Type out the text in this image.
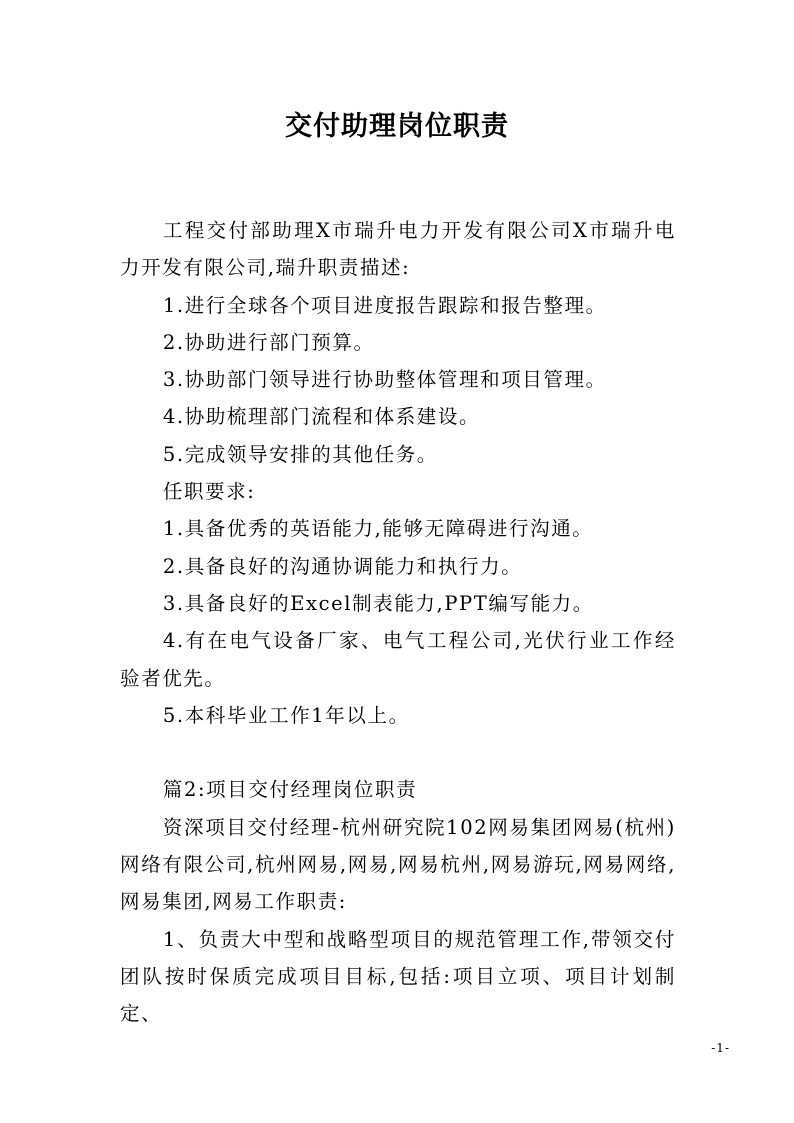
交付助理岗位职责

工程交付部助理X市瑞升电力开发有限公司X市瑞升电力开发有限公司,瑞升职责描述:

1.进行全球各个项目进度报告跟踪和报告整理。

2.协助进行部门预算。

3.协助部门领导进行协助整体管理和项目管理。

4.协助梳理部门流程和体系建设。

5.完成领导安排的其他任务。

任职要求:

1.具备优秀的英语能力,能够无障碍进行沟通。

2.具备良好的沟通协调能力和执行力。

3.具备良好的Excel制表能力,PPT编写能力。

4.有在电气设备厂家、电气工程公司,光伏行业工作经验者优先。

5.本科毕业工作1年以上。

篇2:项目交付经理岗位职责

资深项目交付经理-杭州研究院102网易集团网易(杭州)网络有限公司,杭州网易,网易,网易杭州,网易游玩,网易网络,网易集团,网易工作职责:

1、负责大中型和战略型项目的规范管理工作,带领交付团队按时保质完成项目目标,包括:项目立项、项目计划制定、

-1-
